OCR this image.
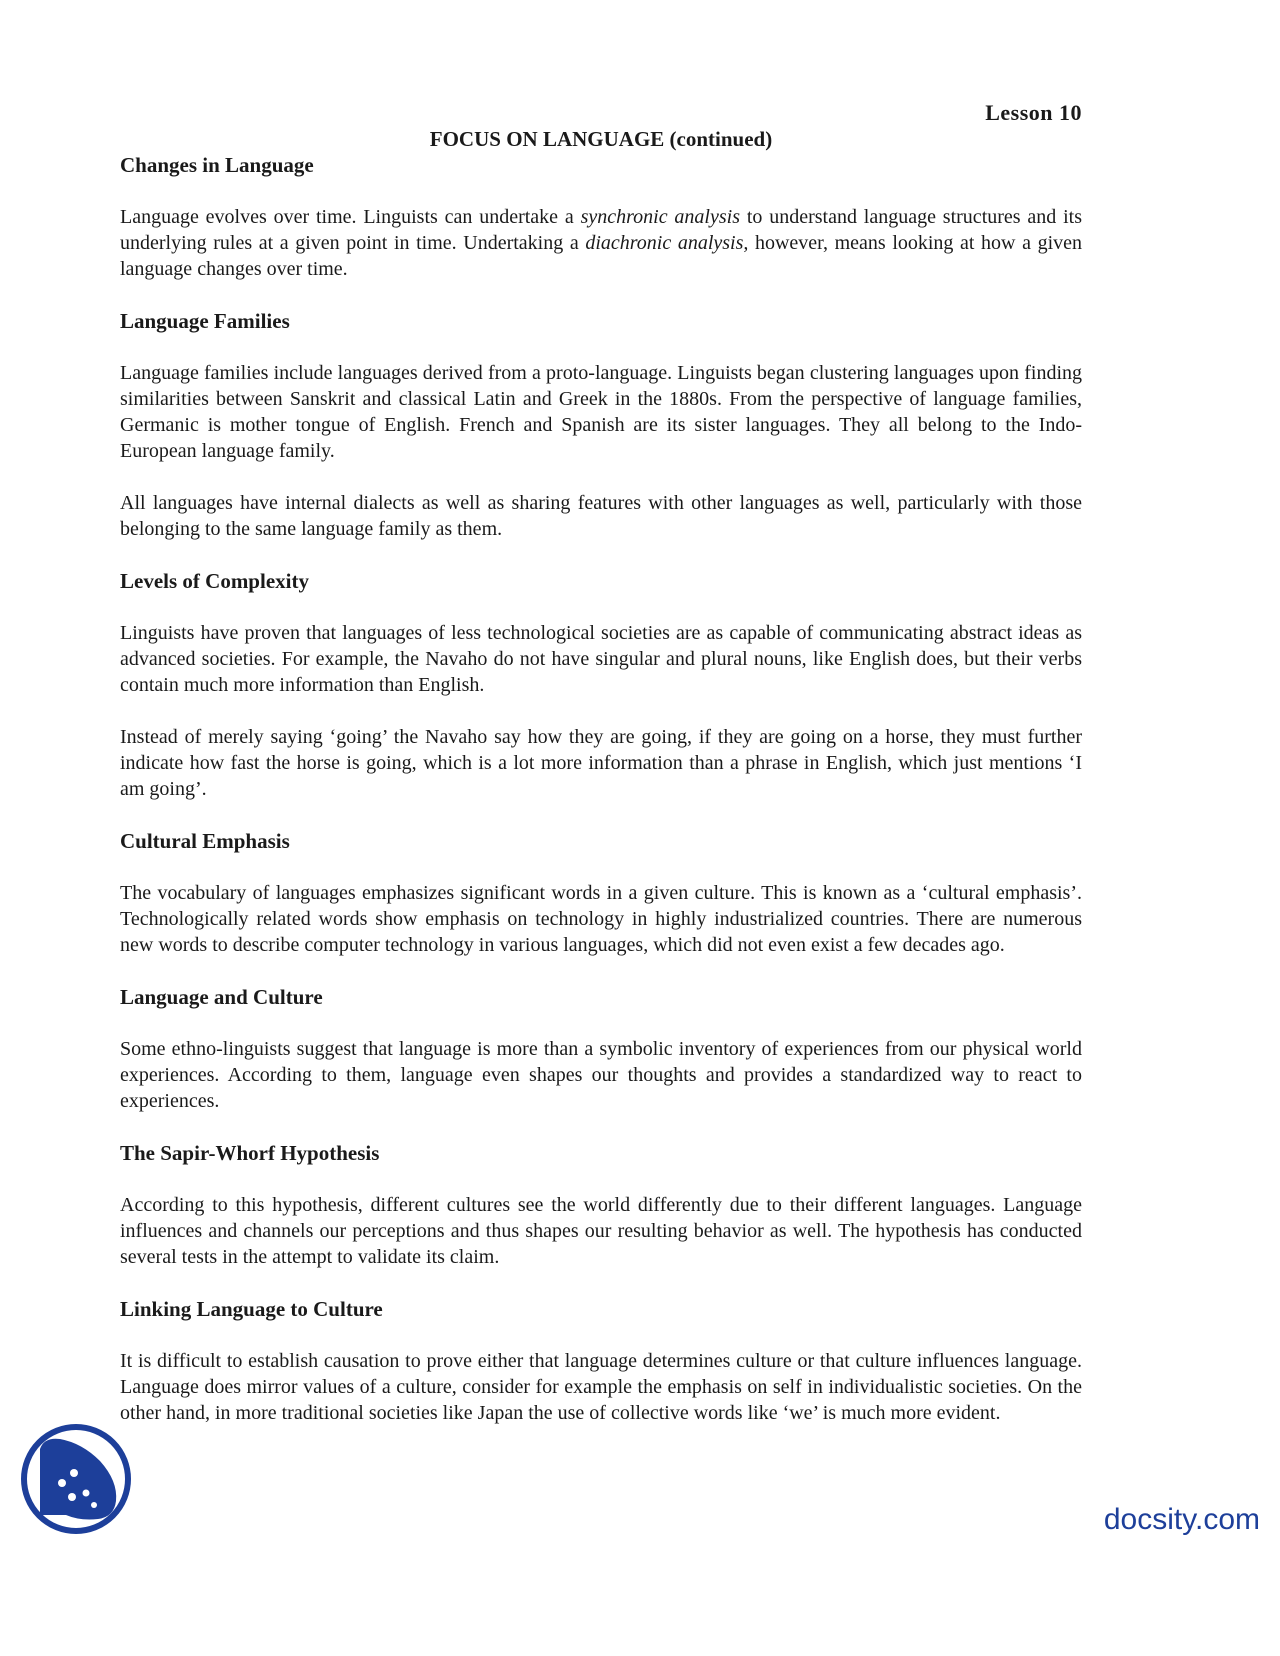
Lesson 10

FOCUS ON LANGUAGE (continued)

Changes in Language

Language evolves over time. Linguists can undertake a synchronic analysis to understand language structures and its underlying rules at a given point in time. Undertaking a diachronic analysis, however, means looking at how a given language changes over time.

Language Families

Language families include languages derived from a proto-language. Linguists began clustering languages upon finding similarities between Sanskrit and classical Latin and Greek in the 1880s. From the perspective of language families, Germanic is mother tongue of English. French and Spanish are its sister languages. They all belong to the Indo-European language family.

All languages have internal dialects as well as sharing features with other languages as well, particularly with those belonging to the same language family as them.

Levels of Complexity

Linguists have proven that languages of less technological societies are as capable of communicating abstract ideas as advanced societies. For example, the Navaho do not have singular and plural nouns, like English does, but their verbs contain much more information than English.

Instead of merely saying ‘going’ the Navaho say how they are going, if they are going on a horse, they must further indicate how fast the horse is going, which is a lot more information than a phrase in English, which just mentions ‘I am going’.

Cultural Emphasis

The vocabulary of languages emphasizes significant words in a given culture. This is known as a ‘cultural emphasis’. Technologically related words show emphasis on technology in highly industrialized countries. There are numerous new words to describe computer technology in various languages, which did not even exist a few decades ago.

Language and Culture

Some ethno-linguists suggest that language is more than a symbolic inventory of experiences from our physical world experiences. According to them, language even shapes our thoughts and provides a standardized way to react to experiences.

The Sapir-Whorf Hypothesis

According to this hypothesis, different cultures see the world differently due to their different languages. Language influences and channels our perceptions and thus shapes our resulting behavior as well. The hypothesis has conducted several tests in the attempt to validate its claim.

Linking Language to Culture

It is difficult to establish causation to prove either that language determines culture or that culture influences language. Language does mirror values of a culture, consider for example the emphasis on self in individualistic societies. On the other hand, in more traditional societies like Japan the use of collective words like ‘we’ is much more evident.

docsity.com
